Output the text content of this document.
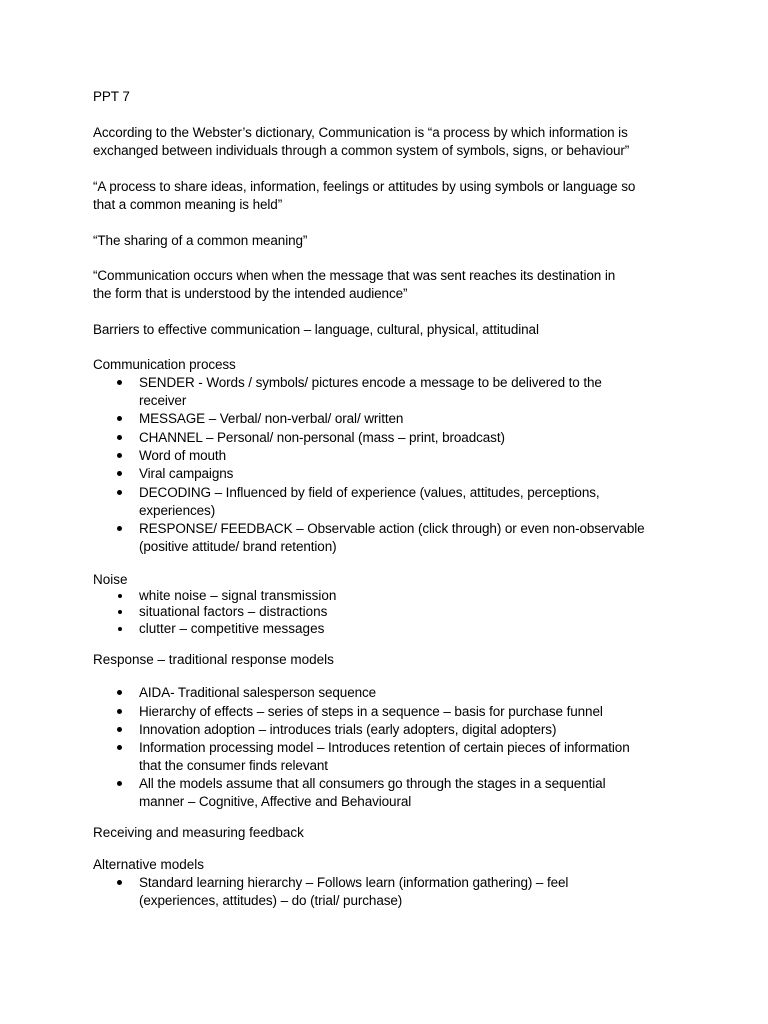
PPT 7
According to the Webster’s dictionary, Communication is “a process by which information is
exchanged between individuals through a common system of symbols, signs, or behaviour”
“A process to share ideas, information, feelings or attitudes by using symbols or language so
that a common meaning is held”
“The sharing of a common meaning”
“Communication occurs when when the message that was sent reaches its destination in
the form that is understood by the intended audience”
Barriers to effective communication – language, cultural, physical, attitudinal
Communication process
SENDER - Words / symbols/ pictures encode a message to be delivered to the
receiver
MESSAGE – Verbal/ non-verbal/ oral/ written
CHANNEL – Personal/ non-personal (mass – print, broadcast)
Word of mouth
Viral campaigns
DECODING – Influenced by field of experience (values, attitudes, perceptions,
experiences)
RESPONSE/ FEEDBACK – Observable action (click through) or even non-observable
(positive attitude/ brand retention)
Noise
white noise – signal transmission
situational factors – distractions
clutter – competitive messages
Response – traditional response models
AIDA- Traditional salesperson sequence
Hierarchy of effects – series of steps in a sequence – basis for purchase funnel
Innovation adoption – introduces trials (early adopters, digital adopters)
Information processing model – Introduces retention of certain pieces of information
that the consumer finds relevant
All the models assume that all consumers go through the stages in a sequential
manner – Cognitive, Affective and Behavioural
Receiving and measuring feedback
Alternative models
Standard learning hierarchy – Follows learn (information gathering) – feel
(experiences, attitudes) – do (trial/ purchase)
